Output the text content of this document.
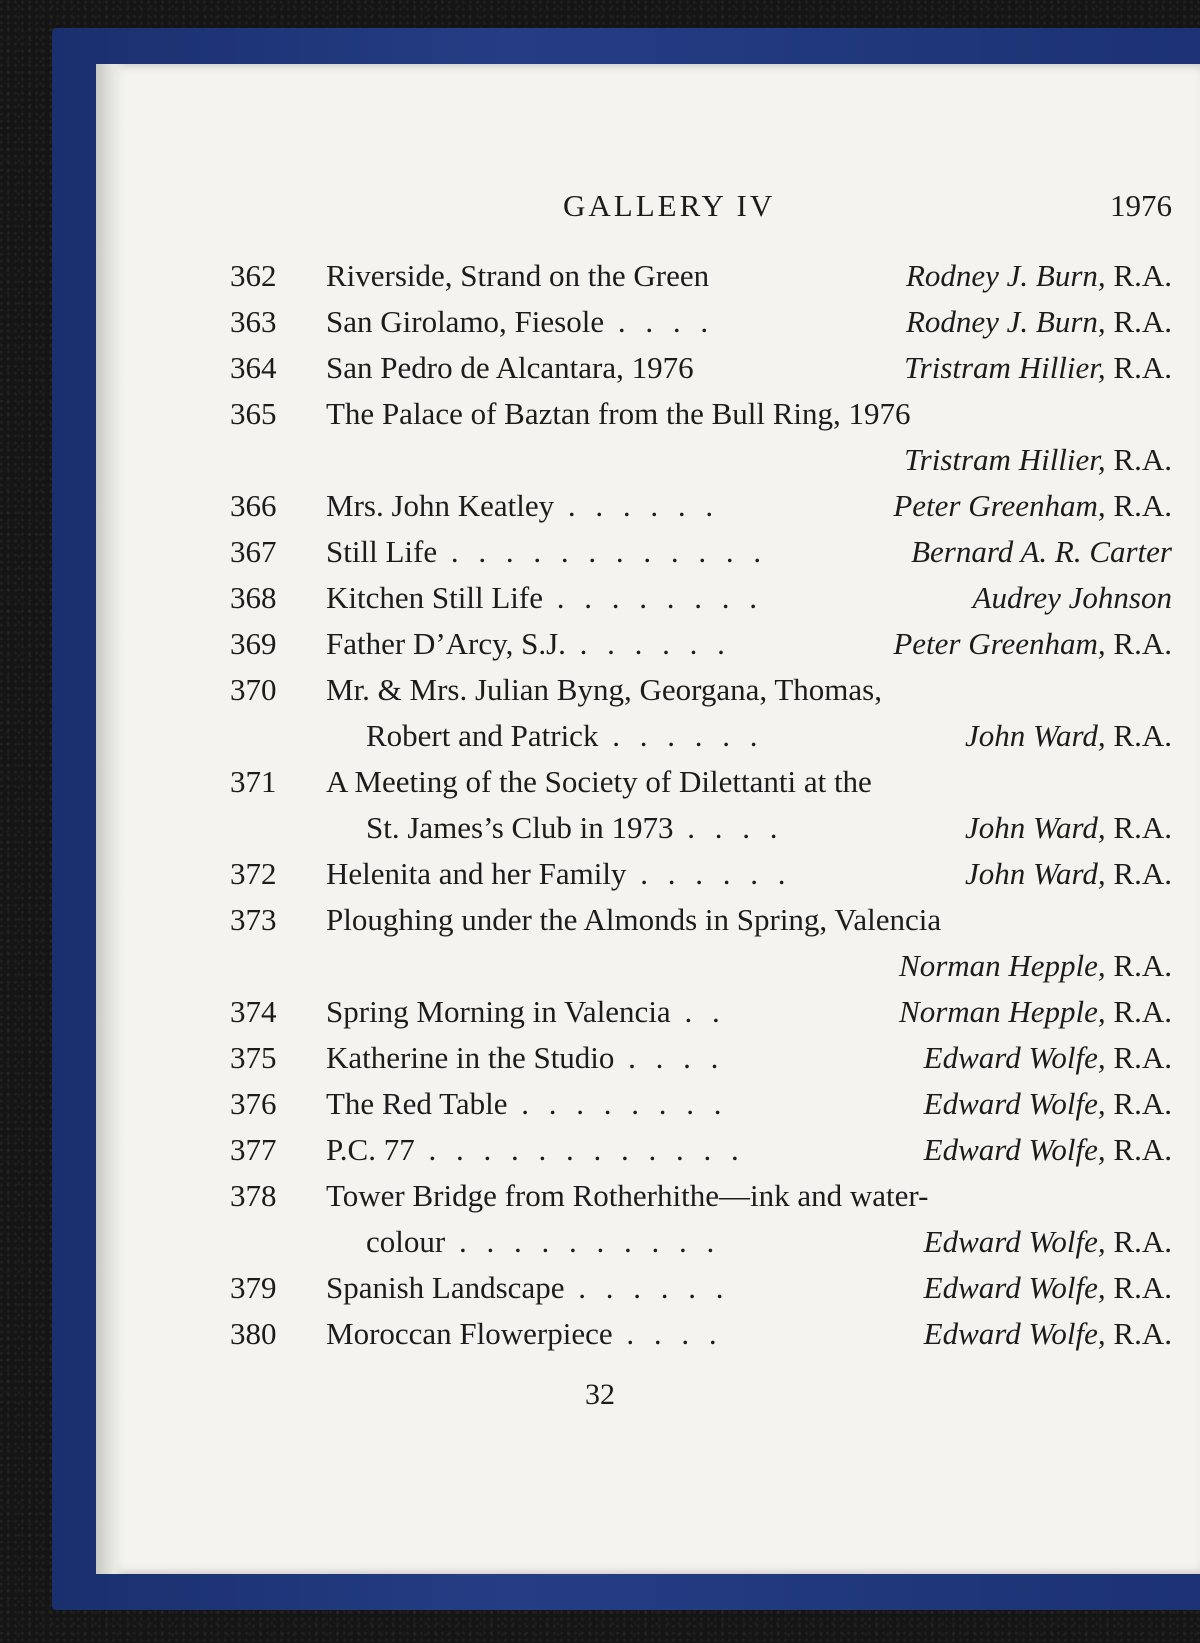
GALLERY IV	1976
362	Riverside, Strand on the Green	Rodney J. Burn, R.A.
363	San Girolamo, Fiesole . . . .	Rodney J. Burn, R.A.
364	San Pedro de Alcantara, 1976	Tristram Hillier, R.A.
365	The Palace of Baztan from the Bull Ring, 1976
Tristram Hillier, R.A.
366	Mrs. John Keatley . . . . . .	Peter Greenham, R.A.
367	Still Life . . . . . . . . . . . .	Bernard A. R. Carter
368	Kitchen Still Life . . . . . . . .	Audrey Johnson
369	Father D’Arcy, S.J. . . . . . .	Peter Greenham, R.A.
370	Mr. & Mrs. Julian Byng, Georgana, Thomas,
Robert and Patrick . . . . . .	John Ward, R.A.
371	A Meeting of the Society of Dilettanti at the
St. James’s Club in 1973 . . . .	John Ward, R.A.
372	Helenita and her Family . . . . . .	John Ward, R.A.
373	Ploughing under the Almonds in Spring, Valencia
Norman Hepple, R.A.
374	Spring Morning in Valencia . .	Norman Hepple, R.A.
375	Katherine in the Studio . . . .	Edward Wolfe, R.A.
376	The Red Table . . . . . . . .	Edward Wolfe, R.A.
377	P.C. 77 . . . . . . . . . . . .	Edward Wolfe, R.A.
378	Tower Bridge from Rotherhithe—ink and water-
colour . . . . . . . . . .	Edward Wolfe, R.A.
379	Spanish Landscape . . . . . .	Edward Wolfe, R.A.
380	Moroccan Flowerpiece . . . .	Edward Wolfe, R.A.
32
